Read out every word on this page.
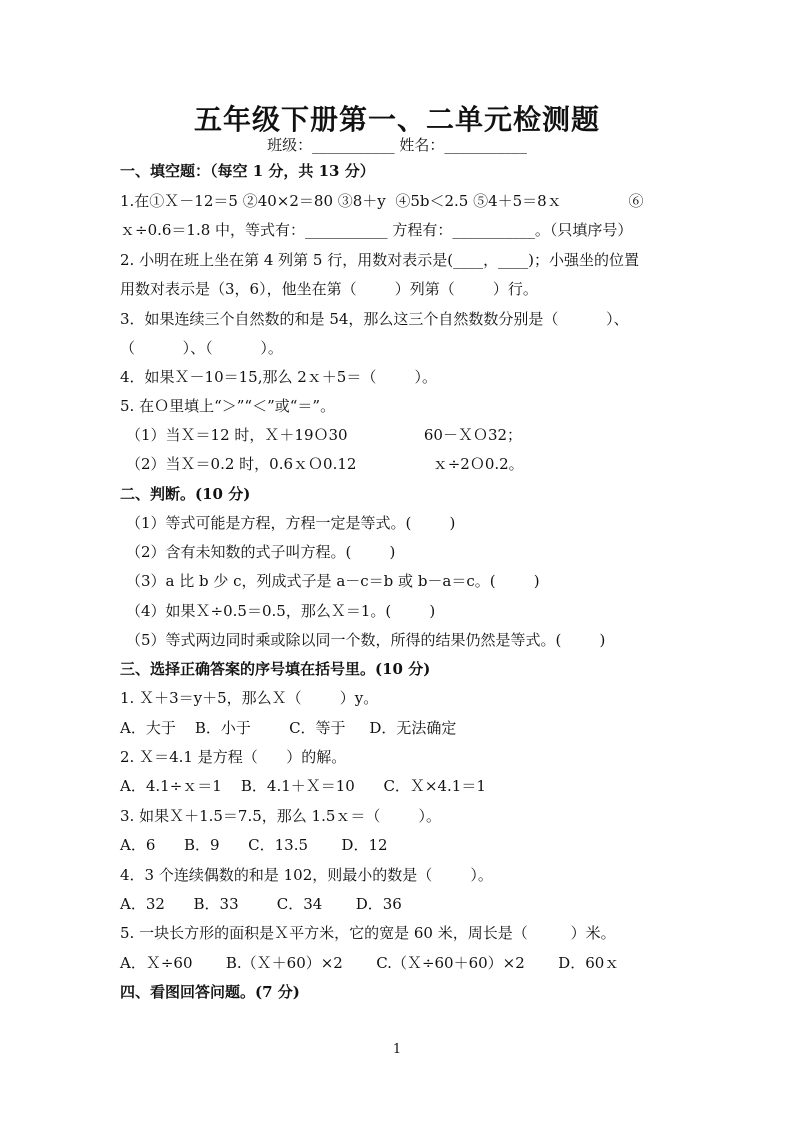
五年级下册第一、二单元检测题
班级：___________ 姓名：___________
一、填空题：（每空 1 分，共 13 分）
1.在①Ｘ－12＝5 ②40×2＝80 ③8＋y  ④5b＜2.5 ⑤4＋5＝8ｘ              ⑥
ｘ÷0.6＝1.8 中，等式有：___________ 方程有：___________。（只填序号）
2. 小明在班上坐在第 4 列第 5 行，用数对表示是(____，____)；小强坐的位置
用数对表示是（3，6），他坐在第（        ）列第（        ）行。
3．如果连续三个自然数的和是 54，那么这三个自然数数分别是（          ）、
（          ）、（          ）。
4．如果Ｘ－10＝15,那么 2ｘ＋5＝（        ）。
5. 在Ｏ里填上“＞”“＜”或“＝”。
（1）当Ｘ＝12 时，Ｘ＋19Ｏ30                60－ＸＯ32；
（2）当Ｘ＝0.2 时，0.6ｘＯ0.12                ｘ÷2Ｏ0.2。
二、判断。(10 分)
（1）等式可能是方程，方程一定是等式。(        )
（2）含有未知数的式子叫方程。(        )
（3）a 比 b 少 c，列成式子是 a－c＝b 或 b－a＝c。(        )
（4）如果Ｘ÷0.5＝0.5，那么Ｘ＝1。(        )
（5）等式两边同时乘或除以同一个数，所得的结果仍然是等式。(        )
三、选择正确答案的序号填在括号里。(10 分)
1. Ｘ＋3＝y＋5，那么Ｘ（        ）y。
A．大于    B．小于        C．等于     D．无法确定
2. Ｘ＝4.1 是方程（      ）的解。
A．4.1÷ｘ＝1    B．4.1＋Ｘ＝10      C．Ｘ×4.1＝1
3. 如果Ｘ＋1.5＝7.5，那么 1.5ｘ＝（        ）。
A．6      B．9      C．13.5       D．12
4．3 个连续偶数的和是 102，则最小的数是（        ）。
A．32      B．33        C．34       D．36
5. 一块长方形的面积是Ｘ平方米，它的宽是 60 米，周长是（         ）米。
A．Ｘ÷60       B.（Ｘ＋60）×2       C.（Ｘ÷60＋60）×2       D．60ｘ
四、看图回答问题。(7 分)
1
